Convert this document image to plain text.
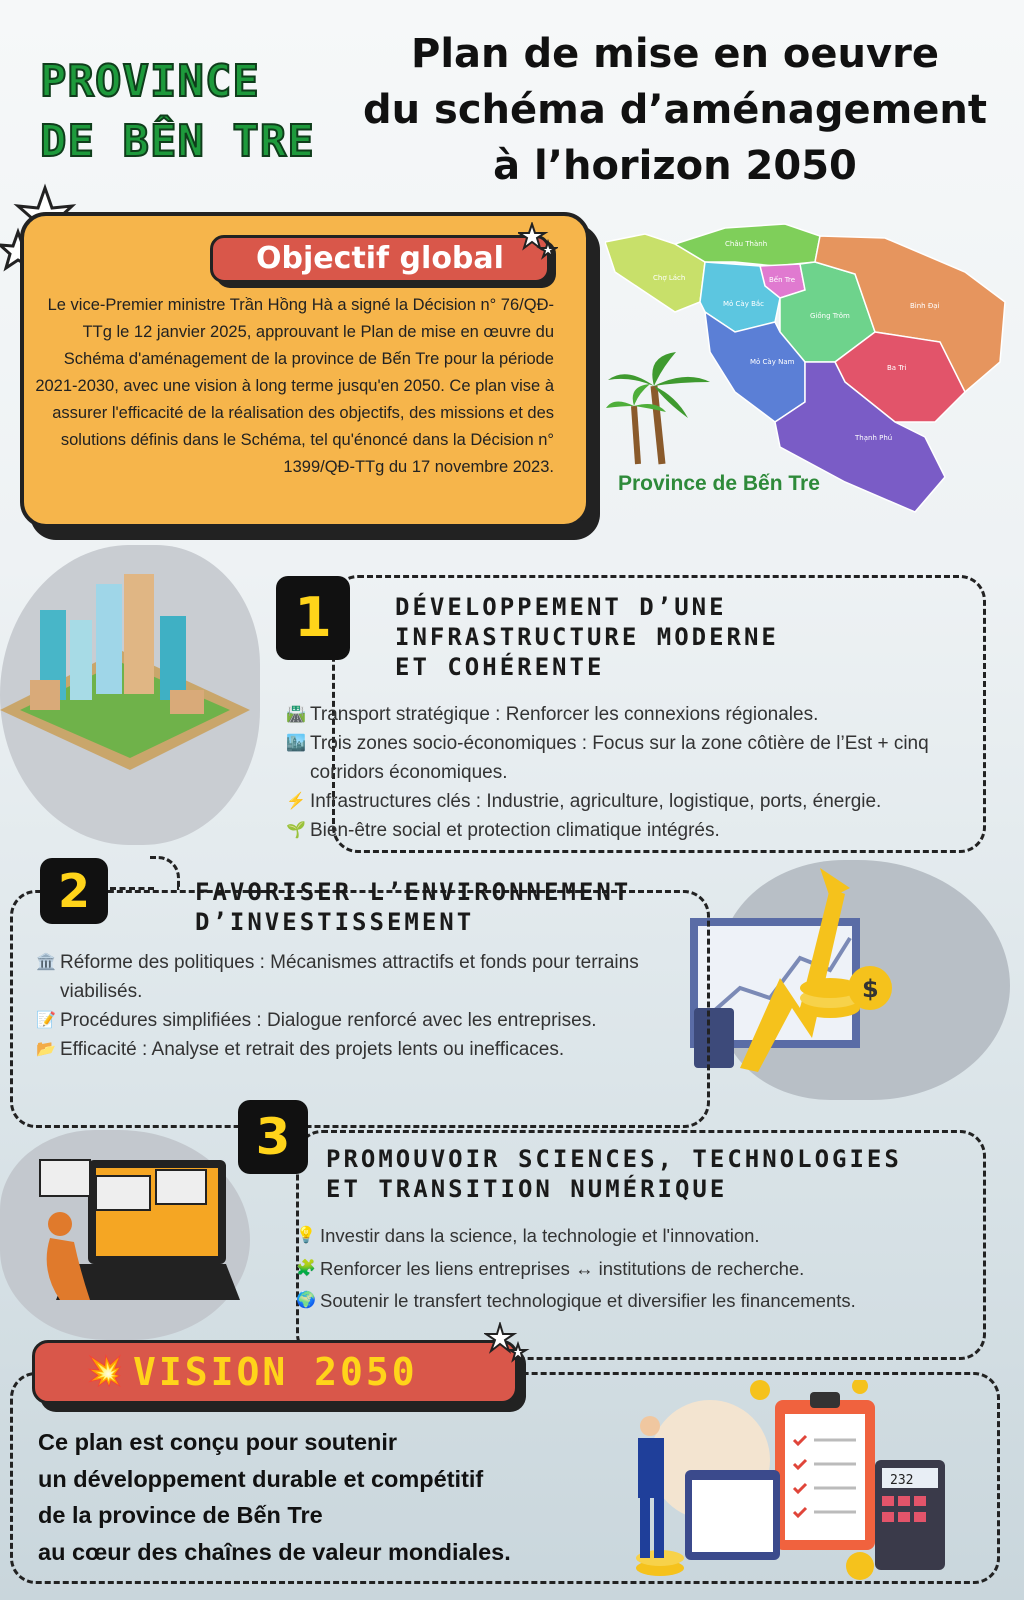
PROVINCE
DE BÊN TRE
Plan de mise en oeuvre
du schéma d’aménagement
à l’horizon 2050

Le vice-Premier ministre Trần Hồng Hà a signé la Décision n° 76/QĐ-TTg le 12 janvier 2025, approuvant le Plan de mise en œuvre du Schéma d'aménagement de la province de Bến Tre pour la période 2021-2030, avec une vision à long terme jusqu'en 2050. Ce plan vise à assurer l'efficacité de la réalisation des objectifs, des missions et des solutions définis dans le Schéma, tel qu'énoncé dans la Décision n° 1399/QĐ-TTg du 17 novembre 2023.

Objectif global	Châu Thành
Chợ Lách	Bến Tre
Mỏ Cày Bắc
Giồng Trôm
Bình Đại
Mỏ Cày Nam
Ba Tri
Thạnh Phú
Province de Bến Tre
1	DÉVELOPPEMENT D’UNE
INFRASTRUCTURE MODERNE
ET COHÉRENTE
🛣️ Transport stratégique : Renforcer les connexions régionales.
🏙️ Trois zones socio-économiques : Focus sur la zone côtière de l’Est + cinq corridors économiques.
⚡ Infrastructures clés : Industrie, agriculture, logistique, ports, énergie.
🌱 Bien-être social et protection climatique intégrés.
$
2	FAVORISER L’ENVIRONNEMENT
D’INVESTISSEMENT
🏛️ Réforme des politiques : Mécanismes attractifs et fonds pour terrains viabilisés.
📝 Procédures simplifiées : Dialogue renforcé avec les entreprises.
📂 Efficacité : Analyse et retrait des projets lents ou inefficaces.
3	PROMOUVOIR SCIENCES, TECHNOLOGIES
ET TRANSITION NUMÉRIQUE
💡 Investir dans la science, la technologie et l'innovation.
🧩 Renforcer les liens entreprises ↔ institutions de recherche.
🌍 Soutenir le transfert technologique et diversifier les financements.
VISION 2050
💥
Ce plan est conçu pour soutenir
un développement durable et compétitif
de la province de Bến Tre
au cœur des chaînes de valeur mondiales.
232
